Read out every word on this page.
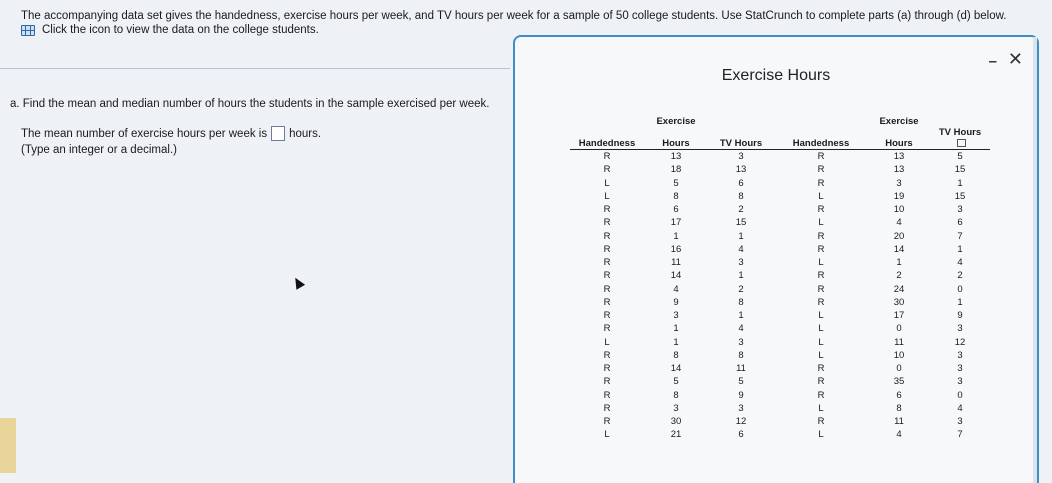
The accompanying data set gives the handedness, exercise hours per week, and TV hours per week for a sample of 50 college students. Use StatCrunch to complete parts (a) through (d) below.
Click the icon to view the data on the college students.
a. Find the mean and median number of hours the students in the sample exercised per week.
The mean number of exercise hours per week is hours.
(Type an integer or a decimal.)
Exercise Hours
– ✕
	Exercise			Exercise	
Handedness	Hours	TV Hours	Handedness	Hours	TV Hours
R	13	3	R	13	5
R	18	13	R	13	15
L	5	6	R	3	1
L	8	8	L	19	15
R	6	2	R	10	3
R	17	15	L	4	6
R	1	1	R	20	7
R	16	4	R	14	1
R	11	3	L	1	4
R	14	1	R	2	2
R	4	2	R	24	0
R	9	8	R	30	1
R	3	1	L	17	9
R	1	4	L	0	3
L	1	3	L	11	12
R	8	8	L	10	3
R	14	11	R	0	3
R	5	5	R	35	3
R	8	9	R	6	0
R	3	3	L	8	4
R	30	12	R	11	3
L	21	6	L	4	7
